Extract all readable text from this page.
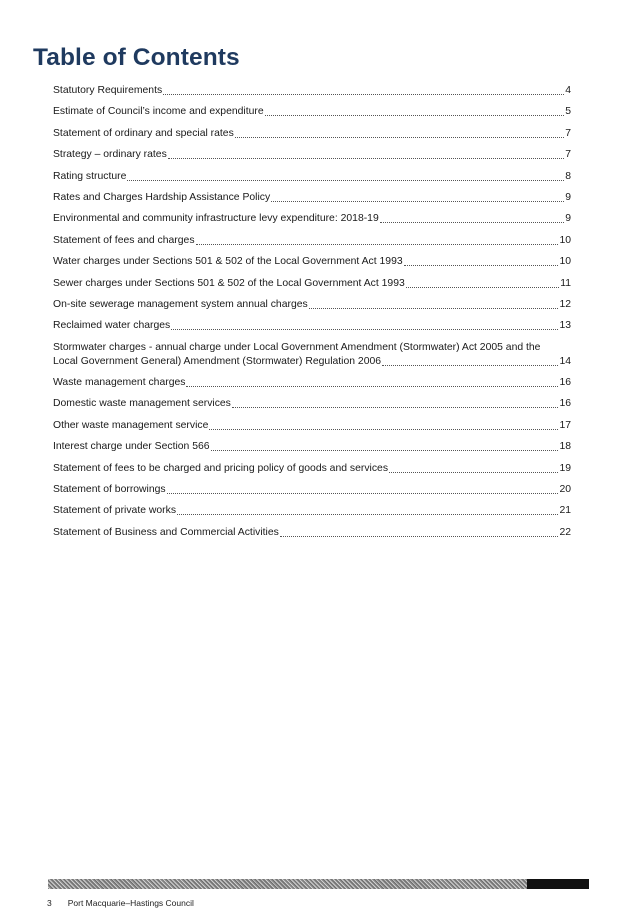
Table of Contents
Statutory Requirements	4
Estimate of Council’s income and expenditure	5
Statement of ordinary and special rates	7
Strategy – ordinary rates	7
Rating structure	8
Rates and Charges Hardship Assistance Policy	9
Environmental and community infrastructure levy expenditure: 2018-19	9
Statement of fees and charges	10
Water charges under Sections 501 & 502 of the Local Government Act 1993	10
Sewer charges under Sections 501 & 502 of the Local Government Act 1993	11
On-site sewerage management system annual charges	12
Reclaimed water charges	13
Stormwater charges - annual charge under Local Government Amendment (Stormwater) Act 2005 and the
Local Government General) Amendment (Stormwater) Regulation 2006	14
Waste management charges	16
Domestic waste management services	16
Other waste management service	17
Interest charge under Section 566	18
Statement of fees to be charged and pricing policy of goods and services	19
Statement of borrowings	20
Statement of private works	21
Statement of Business and Commercial Activities	22
3 Port Macquarie–Hastings Council
